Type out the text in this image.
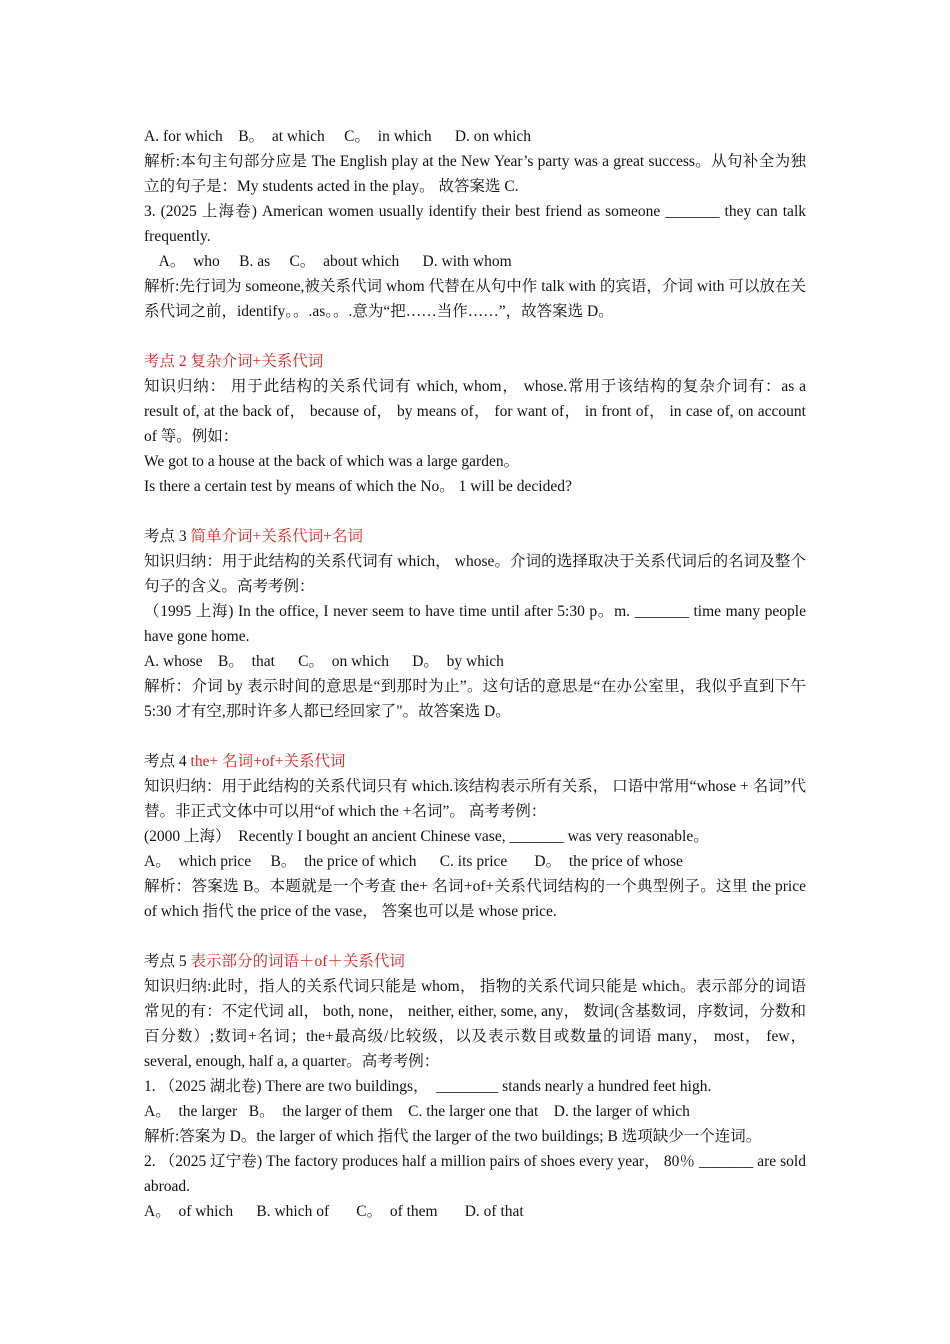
A. for which    B。  at which     C。  in which      D. on which
解析:本句主句部分应是 The English play at the New Year’s party was a great success。从句补全为独立的句子是：My students acted in the play。 故答案选 C.
3. (2025 上海卷) American women usually identify their best friend as someone _______ they can talk frequently.
A。  who     B. as     C。  about which      D. with whom
解析:先行词为 someone,被关系代词 whom 代替在从句中作 talk with 的宾语，介词 with 可以放在关系代词之前，identify。。.as。。.意为“把……当作……”，故答案选 D。
考点 2 复杂介词+关系代词
知识归纳： 用于此结构的关系代词有 which, whom， whose.常用于该结构的复杂介词有：as a result of, at the back of， because of， by means of， for want of， in front of， in case of, on account of 等。例如：
We got to a house at the back of which was a large garden。
Is there a certain test by means of which the No。 1 will be decided?
考点 3 简单介词+关系代词+名词
知识归纳：用于此结构的关系代词有 which， whose。介词的选择取决于关系代词后的名词及整个句子的含义。高考考例：
（1995 上海) In the office, I never seem to have time until after 5:30 p。m. _______ time many people have gone home.
A. whose    B。  that      C。  on which      D。  by which
解析：介词 by 表示时间的意思是“到那时为止”。这句话的意思是“在办公室里，我似乎直到下午 5:30 才有空,那时许多人都已经回家了"。故答案选 D。
考点 4 the+ 名词+of+关系代词
知识归纳：用于此结构的关系代词只有 which.该结构表示所有关系， 口语中常用“whose + 名词”代替。非正式文体中可以用“of which the +名词”。 高考考例：
(2000 上海）  Recently I bought an ancient Chinese vase, _______ was very reasonable。
A。  which price     B。  the price of which      C. its price       D。  the price of whose
解析：答案选 B。本题就是一个考查 the+ 名词+of+关系代词结构的一个典型例子。这里 the price of which 指代 the price of the vase， 答案也可以是 whose price.
考点 5 表示部分的词语＋of＋关系代词
知识归纳:此时，指人的关系代词只能是 whom， 指物的关系代词只能是 which。表示部分的词语常见的有：不定代词 all， both, none， neither, either, some, any， 数词(含基数词，序数词，分数和百分数）;数词+名词；the+最高级/比较级，以及表示数目或数量的词语 many， most， few， several, enough, half a, a quarter。高考考例：
1. （2025 湖北卷) There are two buildings，  ________ stands nearly a hundred feet high.
A。  the larger   B。  the larger of them    C. the larger one that    D. the larger of which
解析:答案为 D。the larger of which 指代 the larger of the two buildings; B 选项缺少一个连词。
2. （2025 辽宁卷) The factory produces half a million pairs of shoes every year， 80％ _______ are sold abroad.
A。  of which      B. which of       C。  of them       D. of that
